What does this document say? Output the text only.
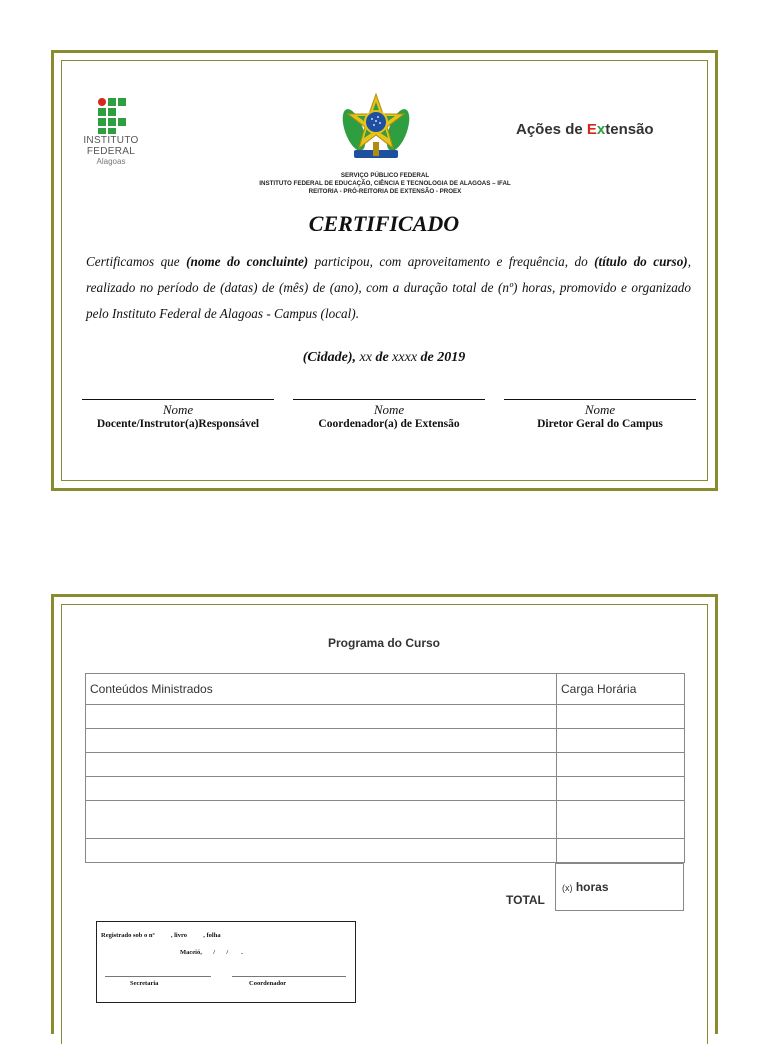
INSTITUTO
FEDERAL
Alagoas
Ações de Extensão
SERVIÇO PÚBLICO FEDERAL
INSTITUTO FEDERAL DE EDUCAÇÃO, CIÊNCIA E TECNOLOGIA DE ALAGOAS – IFAL
REITORIA - PRÓ-REITORIA DE EXTENSÃO - PROEX
CERTIFICADO
Certificamos que (nome do concluinte) participou, com aproveitamento e frequência, do (título do curso), realizado no período de (datas) de (mês) de (ano), com a duração total de (nº) horas, promovido e organizado pelo Instituto Federal de Alagoas - Campus (local).
(Cidade), xx de xxxx de 2019
Nome
Docente/Instrutor(a)Responsável
Nome
Coordenador(a) de Extensão
Nome
Diretor Geral do Campus
Programa do Curso
Conteúdos Ministrados	Carga Horária

TOTAL
(x) horas
Registrado sob o nº          , livro          , folha
Maceió,       /       /        .
Secretaria	Coordenador
